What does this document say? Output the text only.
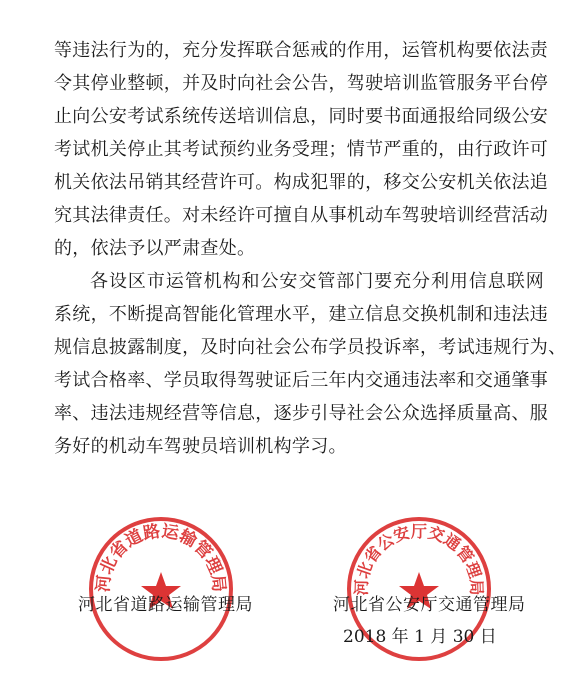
等违法行为的，充分发挥联合惩戒的作用，运管机构要依法责
令其停业整顿，并及时向社会公告，驾驶培训监管服务平台停
止向公安考试系统传送培训信息，同时要书面通报给同级公安
考试机关停止其考试预约业务受理；情节严重的，由行政许可
机关依法吊销其经营许可。构成犯罪的，移交公安机关依法追
究其法律责任。对未经许可擅自从事机动车驾驶培训经营活动
的，依法予以严肃查处。
各设区市运管机构和公安交管部门要充分利用信息联网
系统，不断提高智能化管理水平，建立信息交换机制和违法违
规信息披露制度，及时向社会公布学员投诉率，考试违规行为、
考试合格率、学员取得驾驶证后三年内交通违法率和交通肇事
率、违法违规经营等信息，逐步引导社会公众选择质量高、服
务好的机动车驾驶员培训机构学习。
河北省道路运输管理局	河北省公安厅交通管理局
河北省道路运输管理局	河北省公安厅交通管理局
2018 年 1 月 30 日
